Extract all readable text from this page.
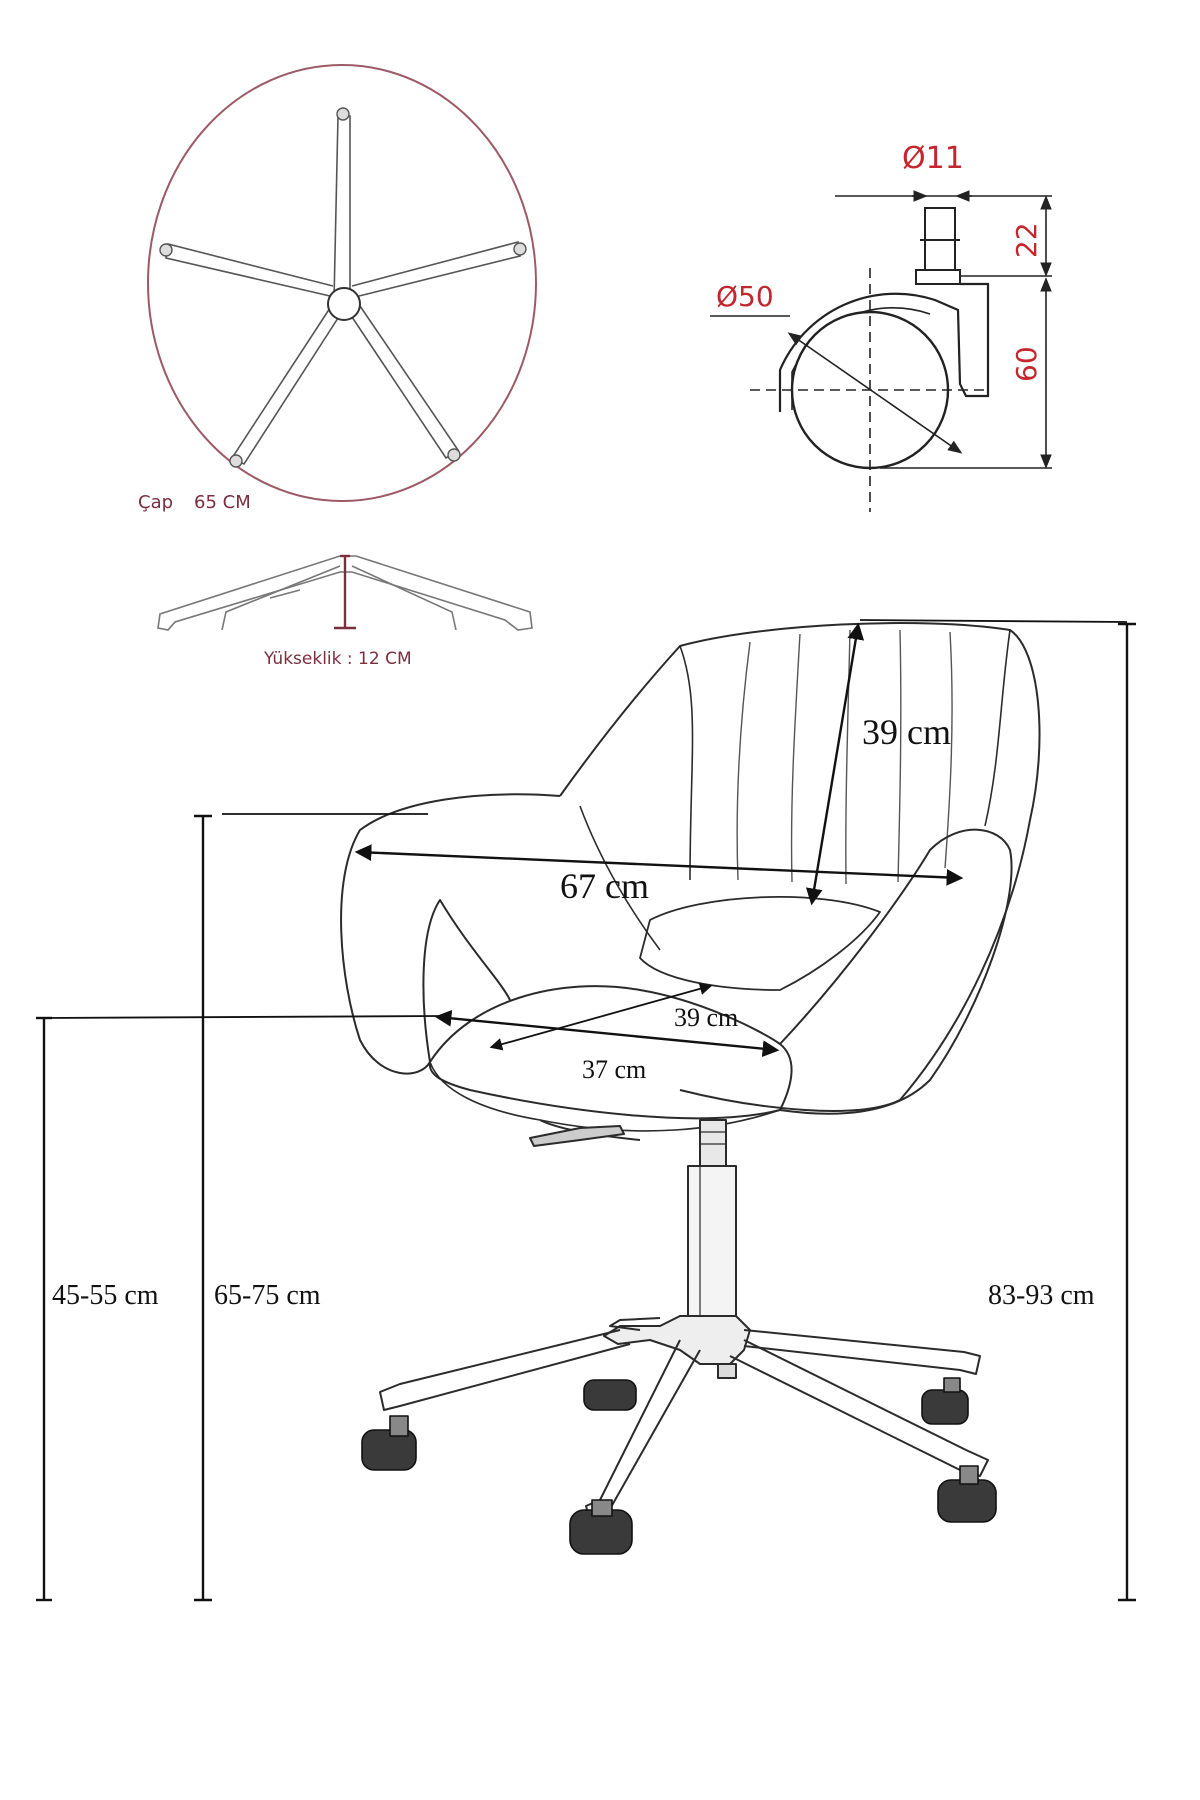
Çap 65 CM
Yükseklik : 12 CM
Ø11
22
Ø50
60
39 cm
67 cm
39 cm
37 cm
45-55 cm 65-75 cm	83-93 cm
